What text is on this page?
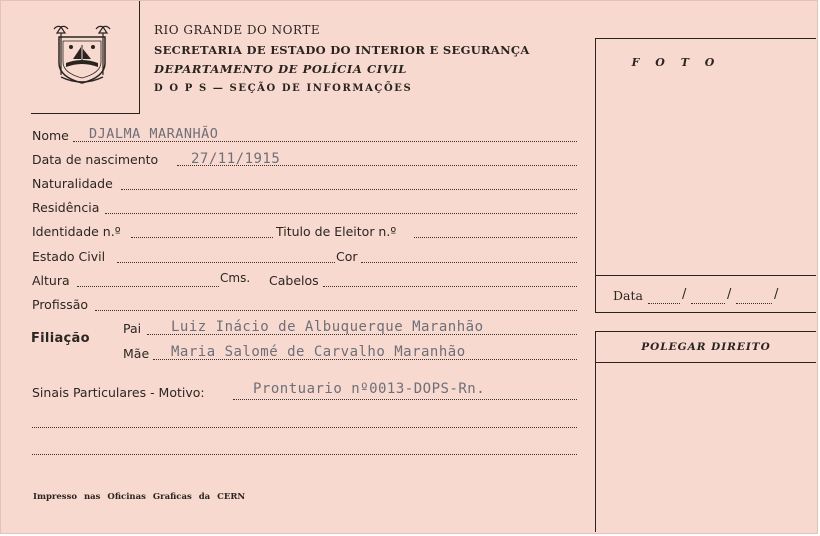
RIO GRANDE DO NORTE
SECRETARIA DE ESTADO DO INTERIOR E SEGURANÇA
DEPARTAMENTO DE POLÍCIA CIVIL
D O P S — SEÇÃO DE INFORMAÇÕES
Nome DJALMA MARANHÃO
Data de nascimento 27/11/1915
Naturalidade
Residência
Identidade n.º	Titulo de Eleitor n.º
Estado Civil	Cor
Altura	Cms. Cabelos
Profissão
Filiação
Pai Luiz Inácio de Albuquerque Maranhão
Mãe Maria Salomé de Carvalho Maranhão
Sinais Particulares - Motivo:	Prontuario nº0013-DOPS-Rn.
F O T O
Data	/	/	/
POLEGAR DIREITO
Impresso nas Oficinas Graficas da CERN
